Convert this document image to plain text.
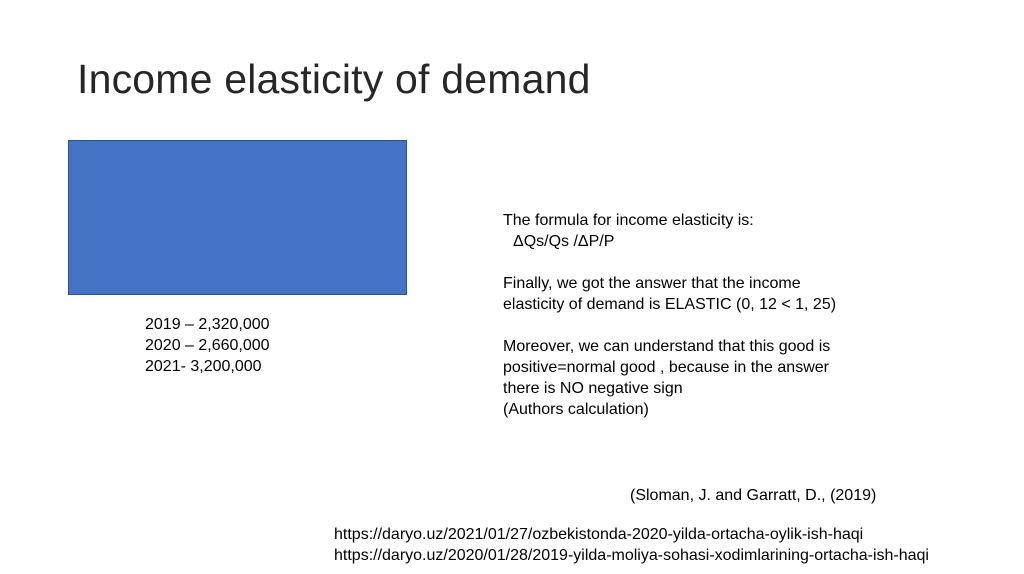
Income elasticity of demand
2019 – 2,320,000
2020 – 2,660,000
2021- 3,200,000
The formula for income elasticity is:
ΔQs/Qs /ΔP/P
Finally, we got the answer that the income
elasticity of demand is ELASTIC (0, 12 < 1, 25)
Moreover, we can understand that this good is
positive=normal good , because in the answer
there is NO negative sign
(Authors calculation)
(Sloman, J. and Garratt, D., (2019)
https://daryo.uz/2021/01/27/ozbekistonda-2020-yilda-ortacha-oylik-ish-haqi
https://daryo.uz/2020/01/28/2019-yilda-moliya-sohasi-xodimlarining-ortacha-ish-haqi
